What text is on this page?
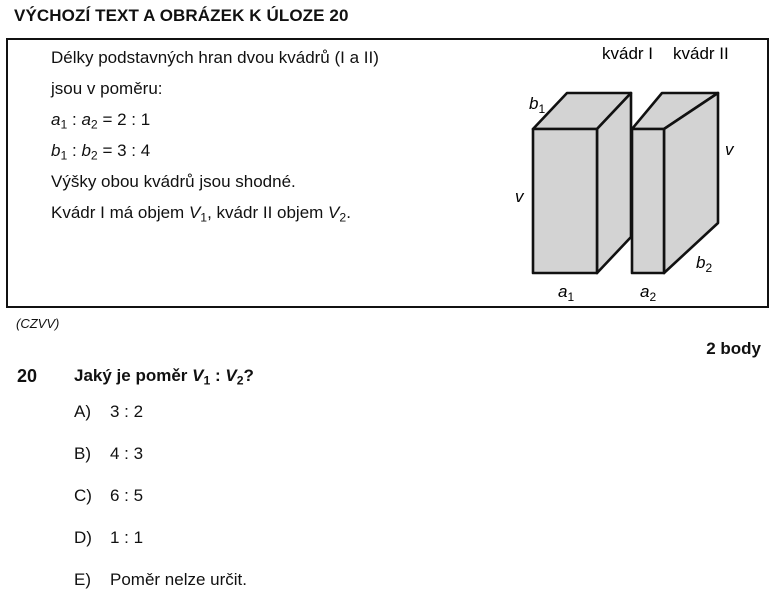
VÝCHOZÍ TEXT A OBRÁZEK K ÚLOZE 20
Délky podstavných hran dvou kvádrů (I a II)
jsou v poměru:
$a_1$ : $a_2 = 2$ : 1
$b_1$ : $b_2 = 3$ : 4
Výšky obou kvádrů jsou shodné.
Kvádr I má objem $V_1$, kvádr II objem $V_2$.
kvádr I kvádr II
$b_1$
v
v
$b_2$
$a_1$	$a_2$
(CZVV)
2 body
20 Jaký je poměr $V_1$ : $V_2$?
A) 3 : 2
B) 4 : 3
C) 6 : 5
D) 1 : 1
E) Poměr nelze určit.
